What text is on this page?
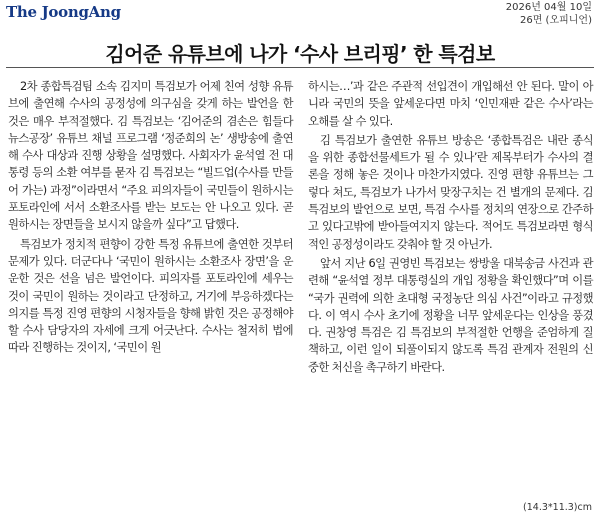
The JoongAng	2026년 04월 10일
26면 (오피니언)
김어준 유튜브에 나가 ‘수사 브리핑’ 한 특검보

2차 종합특검팀 소속 김지미 특검보가 어제 친여 성향 유튜브에 출연해 수사의 공정성에 의구심을 갖게 하는 발언을 한 것은 매우 부적절했다. 김 특검보는 ‘김어준의 겸손은 힘들다 뉴스공장’ 유튜브 채널 프로그램 ‘정준희의 논’ 생방송에 출연해 수사 대상과 진행 상황을 설명했다. 사회자가 윤석열 전 대통령 등의 소환 여부를 묻자 김 특검보는 “빌드업(수사를 만들어 가는) 과정”이라면서 “주요 피의자들이 국민들이 원하시는 포토라인에 서서 소환조사를 받는 보도는 안 나오고 있다. 곧 원하시는 장면들을 보시지 않을까 싶다”고 답했다.

특검보가 정치적 편향이 강한 특정 유튜브에 출연한 것부터 문제가 있다. 더군다나 ‘국민이 원하시는 소환조사 장면’을 운운한 것은 선을 넘은 발언이다. 피의자를 포토라인에 세우는 것이 국민이 원하는 것이라고 단정하고, 거기에 부응하겠다는 의지를 특정 진영 편향의 시청자들을 향해 밝힌 것은 공정해야 할 수사 담당자의 자세에 크게 어긋난다. 수사는 철저히 법에 따라 진행하는 것이지, ‘국민이 원

하시는…’과 같은 주관적 선입견이 개입해선 안 된다. 말이 아니라 국민의 뜻을 앞세운다면 마치 ‘인민재판 같은 수사’라는 오해를 살 수 있다.

김 특검보가 출연한 유튜브 방송은 ‘종합특검은 내란 종식을 위한 종합선물세트가 될 수 있나’란 제목부터가 수사의 결론을 정해 놓은 것이나 마찬가지였다. 진영 편향 유튜브는 그렇다 쳐도, 특검보가 나가서 맞장구치는 건 별개의 문제다. 김 특검보의 발언으로 보면, 특검 수사를 정치의 연장으로 간주하고 있다고밖에 받아들여지지 않는다. 적어도 특검보라면 형식적인 공정성이라도 갖춰야 할 것 아닌가.

앞서 지난 6일 권영빈 특검보는 쌍방울 대북송금 사건과 관련해 “윤석열 정부 대통령실의 개입 정황을 확인했다”며 이를 “국가 권력에 의한 초대형 국정농단 의심 사건”이라고 규정했다. 이 역시 수사 초기에 정황을 너무 앞세운다는 인상을 풍겼다. 권창영 특검은 김 특검보의 부적절한 언행을 준엄하게 질책하고, 이런 일이 되풀이되지 않도록 특검 관계자 전원의 신중한 처신을 촉구하기 바란다.

(14.3*11.3)cm
